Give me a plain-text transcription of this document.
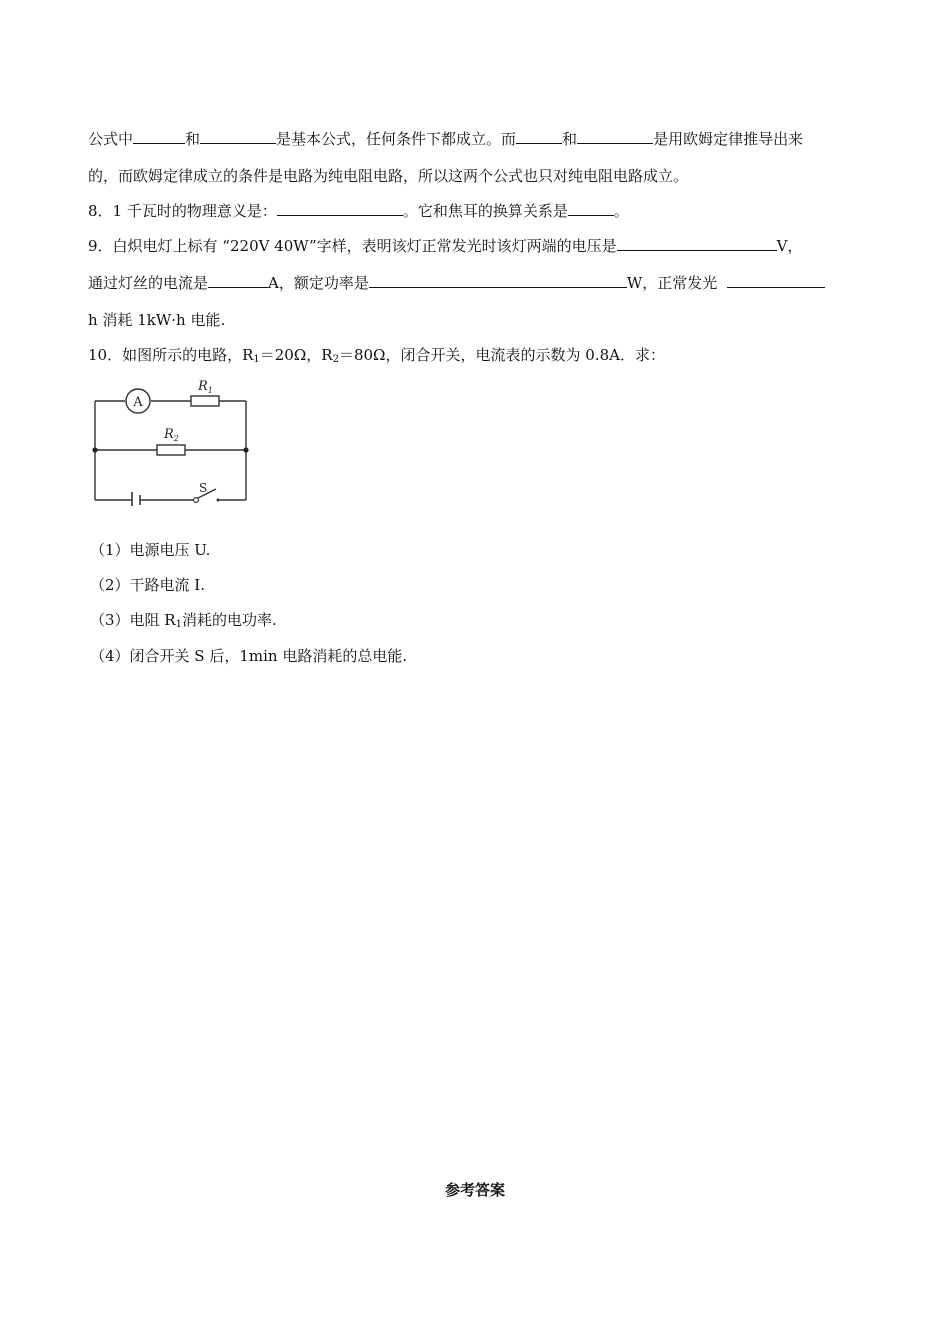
公式中	和	是基本公式，任何条件下都成立。而	和	是用欧姆定律推导出来
的，而欧姆定律成立的条件是电路为纯电阻电路，所以这两个公式也只对纯电阻电路成立。
8．1 千瓦时的物理意义是：	。它和焦耳的换算关系是	。
9．白炽电灯上标有 “220V 40W”字样，表明该灯正常发光时该灯两端的电压是	V，
通过灯丝的电流是	A，额定功率是	W，正常发光
h 消耗 1kW·h 电能.
10．如图所示的电路，$R_1=20\Omega$，$R_2=80\Omega$，闭合开关，电流表的示数为 0.8A．求：
A
$R_1$
$R_2$
S
（1）电源电压 U.
（2）干路电流 I.
（3）电阻 $R_1$消耗的电功率.
（4）闭合开关 S 后，1min 电路消耗的总电能.
参考答案
